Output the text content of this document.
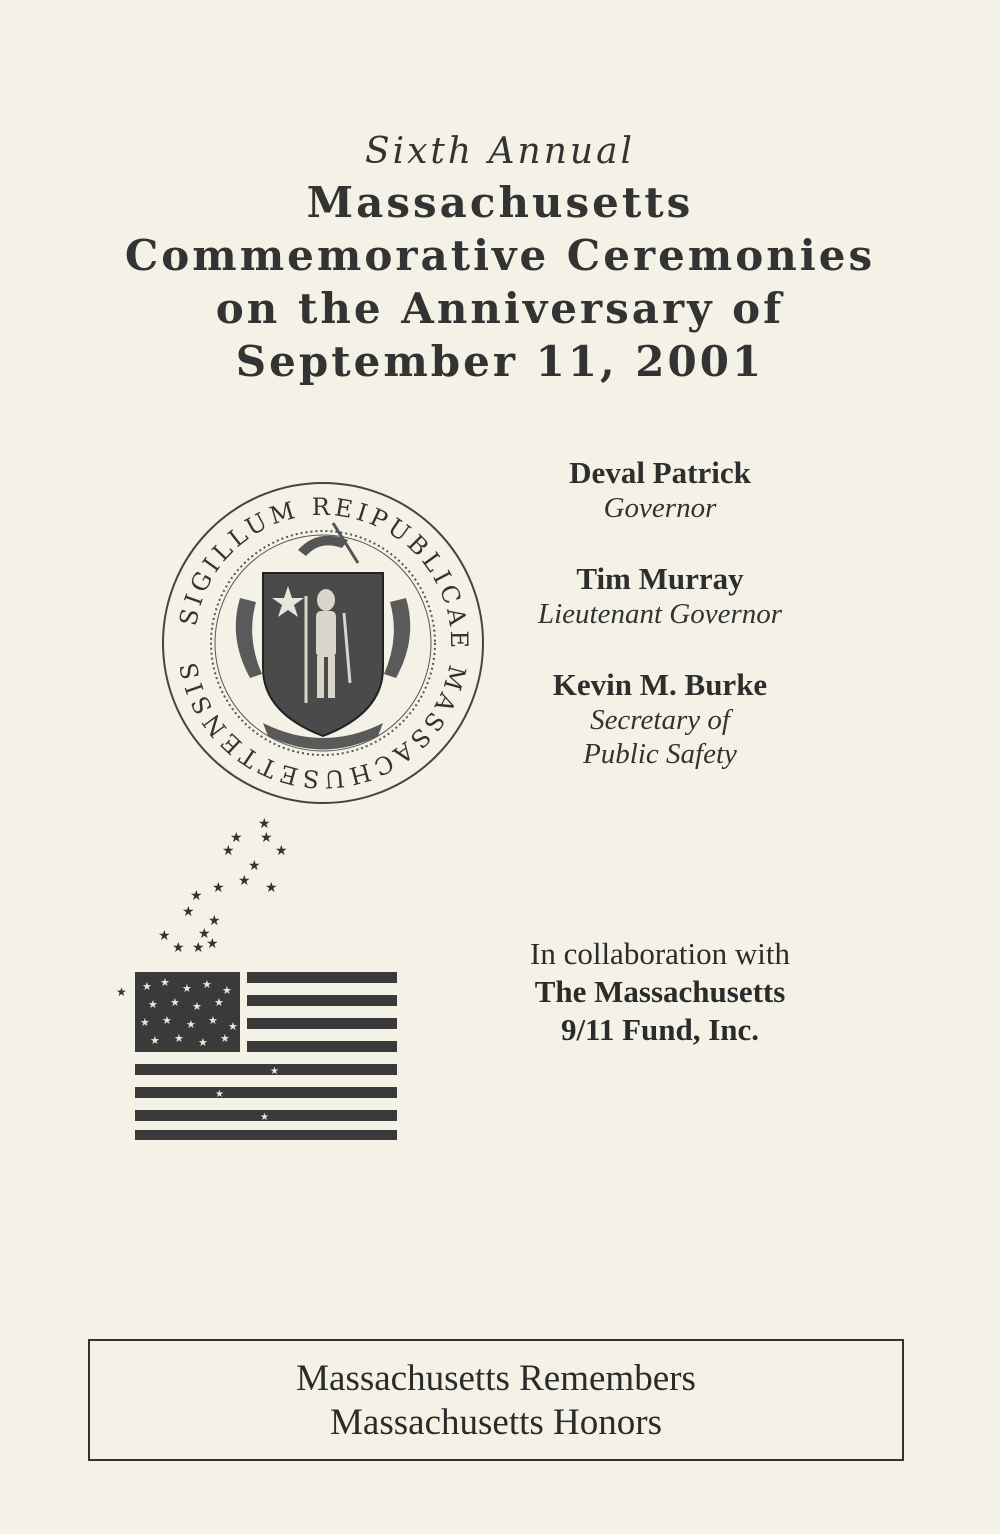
Sixth Annual
Massachusetts
Commemorative Ceremonies
on the Anniversary of
September 11, 2001
SIGILLUM REIPUBLICAE MASSACHUSETTENSIS
★
★ ★
★	★
★
★
★
★
★
★
★
★
★
★ ★ ★
★ ★ ★ ★ ★ ★
★ ★ ★ ★
★ ★ ★ ★ ★
★ ★ ★ ★
★
★
★
Deval Patrick
Governor
Tim Murray
Lieutenant Governor
Kevin M. Burke
Secretary of
Public Safety
In collaboration with
The Massachusetts
9/11 Fund, Inc.
Massachusetts Remembers
Massachusetts Honors
